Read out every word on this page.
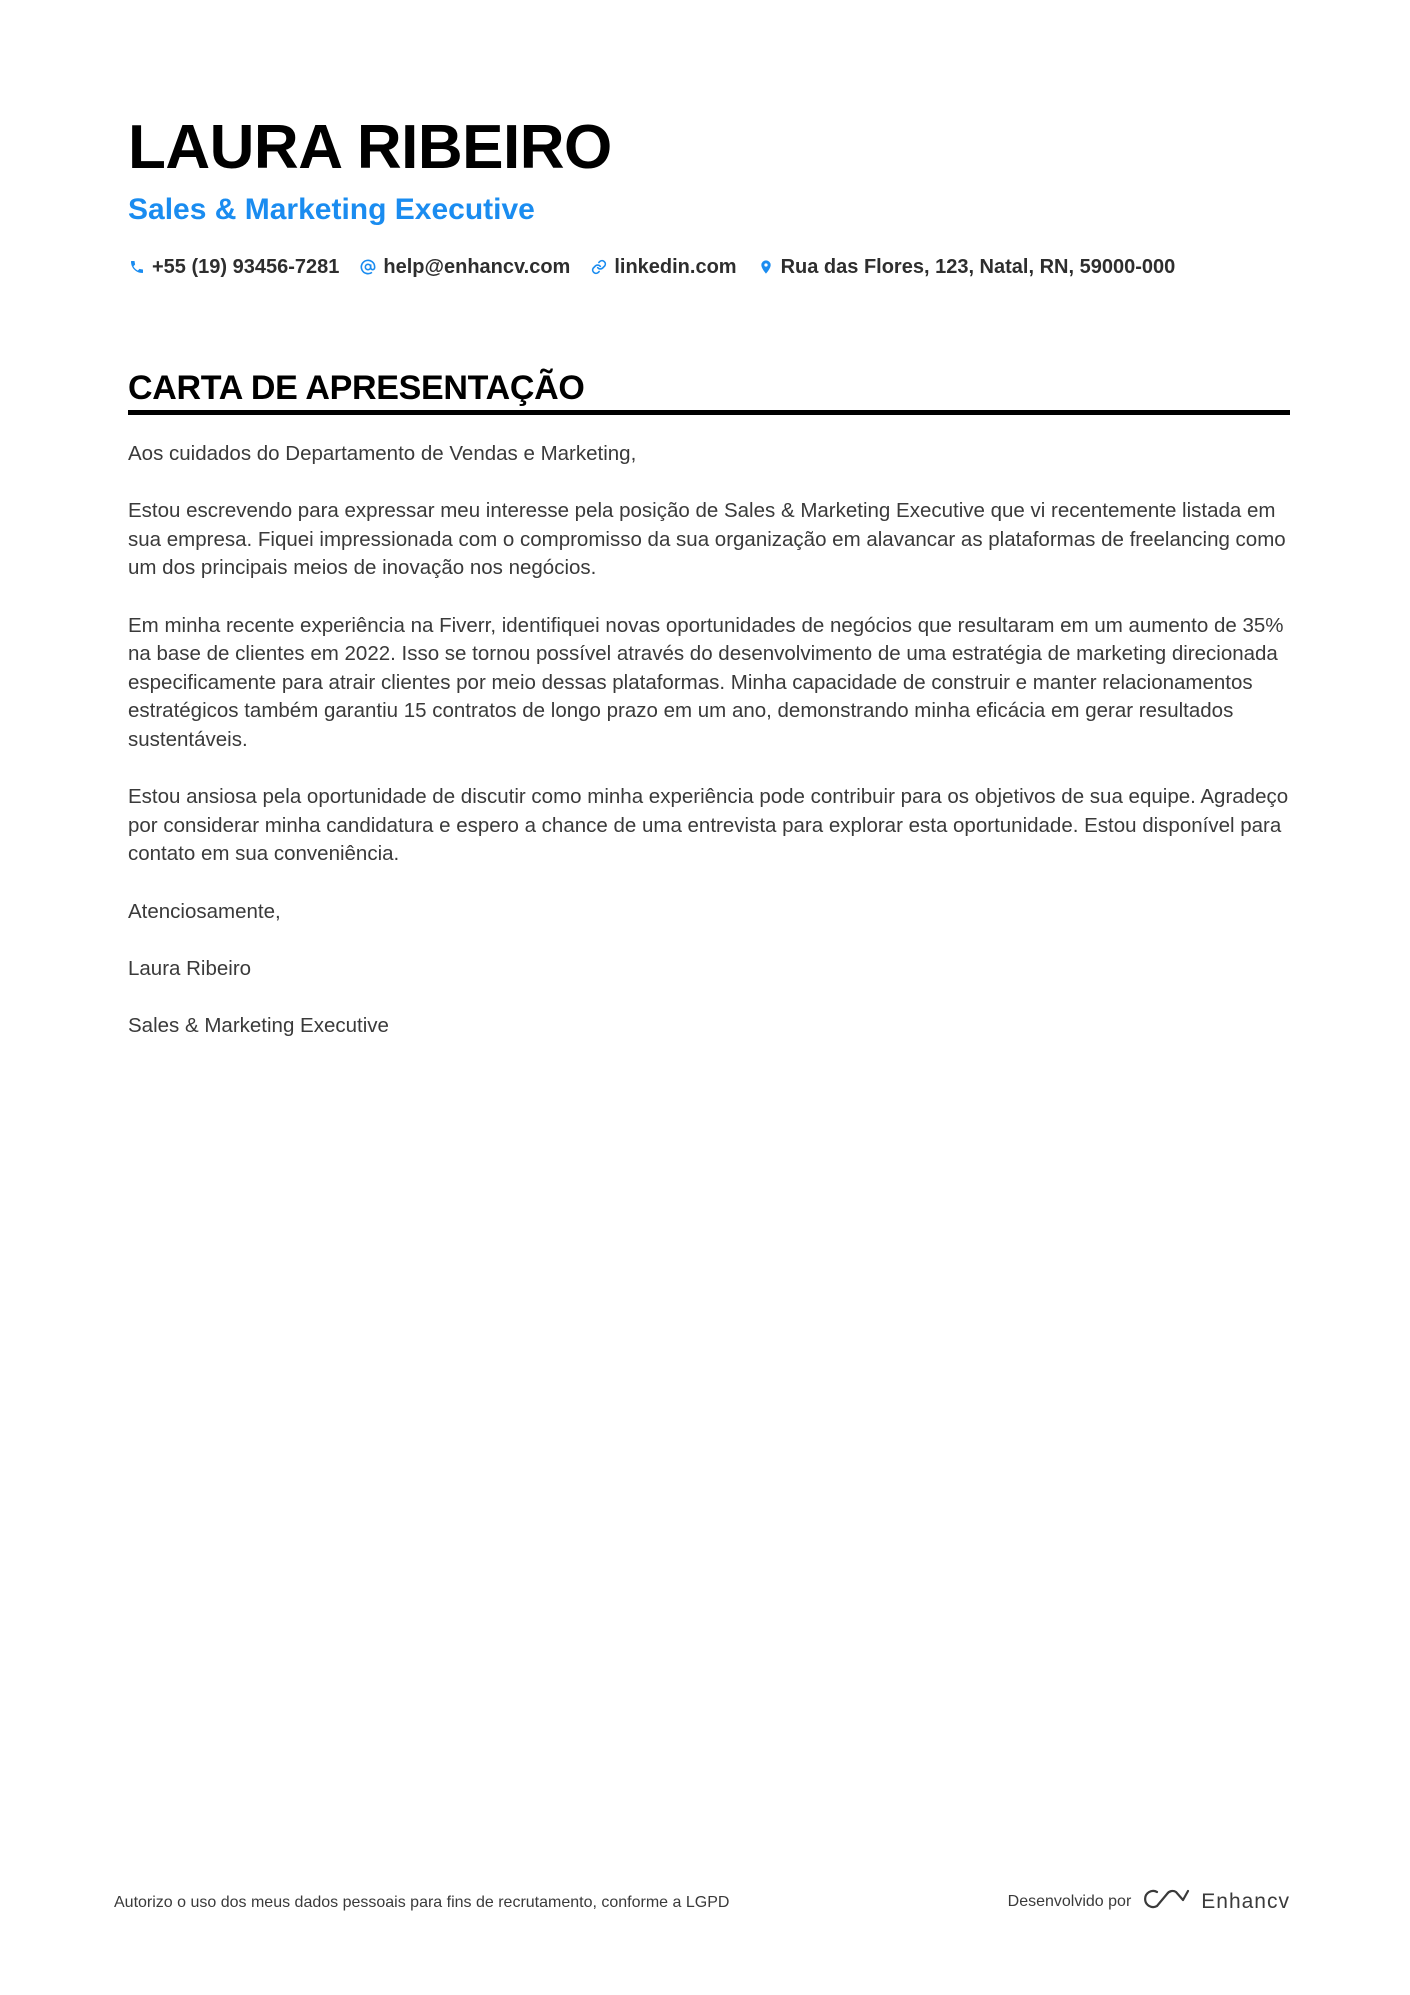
LAURA RIBEIRO
Sales & Marketing Executive
+55 (19) 93456-7281 help@enhancv.com linkedin.com Rua das Flores, 123, Natal, RN, 59000-000
CARTA DE APRESENTAÇÃO

Aos cuidados do Departamento de Vendas e Marketing,

Estou escrevendo para expressar meu interesse pela posição de Sales & Marketing Executive que vi recentemente listada em sua empresa. Fiquei impressionada com o compromisso da sua organização em alavancar as plataformas de freelancing como um dos principais meios de inovação nos negócios.

Em minha recente experiência na Fiverr, identifiquei novas oportunidades de negócios que resultaram em um aumento de 35% na base de clientes em 2022. Isso se tornou possível através do desenvolvimento de uma estratégia de marketing direcionada especificamente para atrair clientes por meio dessas plataformas. Minha capacidade de construir e manter relacionamentos estratégicos também garantiu 15 contratos de longo prazo em um ano, demonstrando minha eficácia em gerar resultados sustentáveis.

Estou ansiosa pela oportunidade de discutir como minha experiência pode contribuir para os objetivos de sua equipe. Agradeço por considerar minha candidatura e espero a chance de uma entrevista para explorar esta oportunidade. Estou disponível para contato em sua conveniência.

Atenciosamente,

Laura Ribeiro

Sales & Marketing Executive

Autorizo o uso dos meus dados pessoais para fins de recrutamento, conforme a LGPD	Desenvolvido por	Enhancv
